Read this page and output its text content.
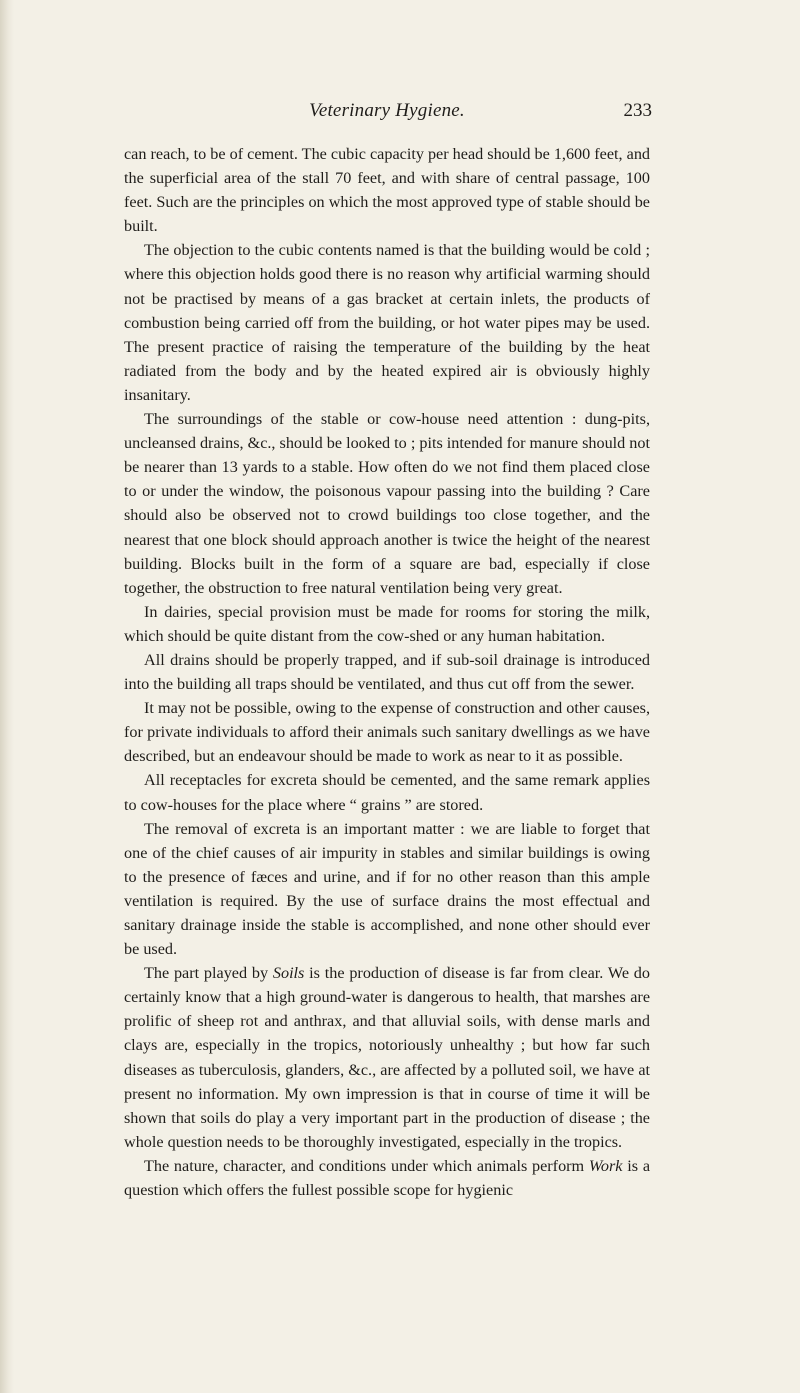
Veterinary Hygiene.	233

can reach, to be of cement. The cubic capacity per head should be 1,600 feet, and the superficial area of the stall 70 feet, and with share of central passage, 100 feet. Such are the principles on which the most approved type of stable should be built.

The objection to the cubic contents named is that the building would be cold ; where this objection holds good there is no reason why artificial warming should not be practised by means of a gas bracket at certain inlets, the products of combustion being carried off from the building, or hot water pipes may be used. The present practice of raising the temperature of the building by the heat radiated from the body and by the heated expired air is obviously highly insanitary.

The surroundings of the stable or cow-house need attention : dung-pits, uncleansed drains, &c., should be looked to ; pits intended for manure should not be nearer than 13 yards to a stable. How often do we not find them placed close to or under the window, the poisonous vapour passing into the building ? Care should also be observed not to crowd buildings too close together, and the nearest that one block should approach another is twice the height of the nearest building. Blocks built in the form of a square are bad, especially if close together, the obstruction to free natural ventilation being very great.

In dairies, special provision must be made for rooms for storing the milk, which should be quite distant from the cow-shed or any human habitation.

All drains should be properly trapped, and if sub-soil drainage is introduced into the building all traps should be ventilated, and thus cut off from the sewer.

It may not be possible, owing to the expense of construction and other causes, for private individuals to afford their animals such sanitary dwellings as we have described, but an endeavour should be made to work as near to it as possible.

All receptacles for excreta should be cemented, and the same remark applies to cow-houses for the place where “ grains ” are stored.

The removal of excreta is an important matter : we are liable to forget that one of the chief causes of air impurity in stables and similar buildings is owing to the presence of fæces and urine, and if for no other reason than this ample ventilation is required. By the use of surface drains the most effectual and sanitary drainage inside the stable is accomplished, and none other should ever be used.

The part played by Soils is the production of disease is far from clear. We do certainly know that a high ground-water is dangerous to health, that marshes are prolific of sheep rot and anthrax, and that alluvial soils, with dense marls and clays are, especially in the tropics, notoriously unhealthy ; but how far such diseases as tuberculosis, glanders, &c., are affected by a polluted soil, we have at present no information. My own impression is that in course of time it will be shown that soils do play a very important part in the production of disease ; the whole question needs to be thoroughly investigated, especially in the tropics.

The nature, character, and conditions under which animals perform Work is a question which offers the fullest possible scope for hygienic
